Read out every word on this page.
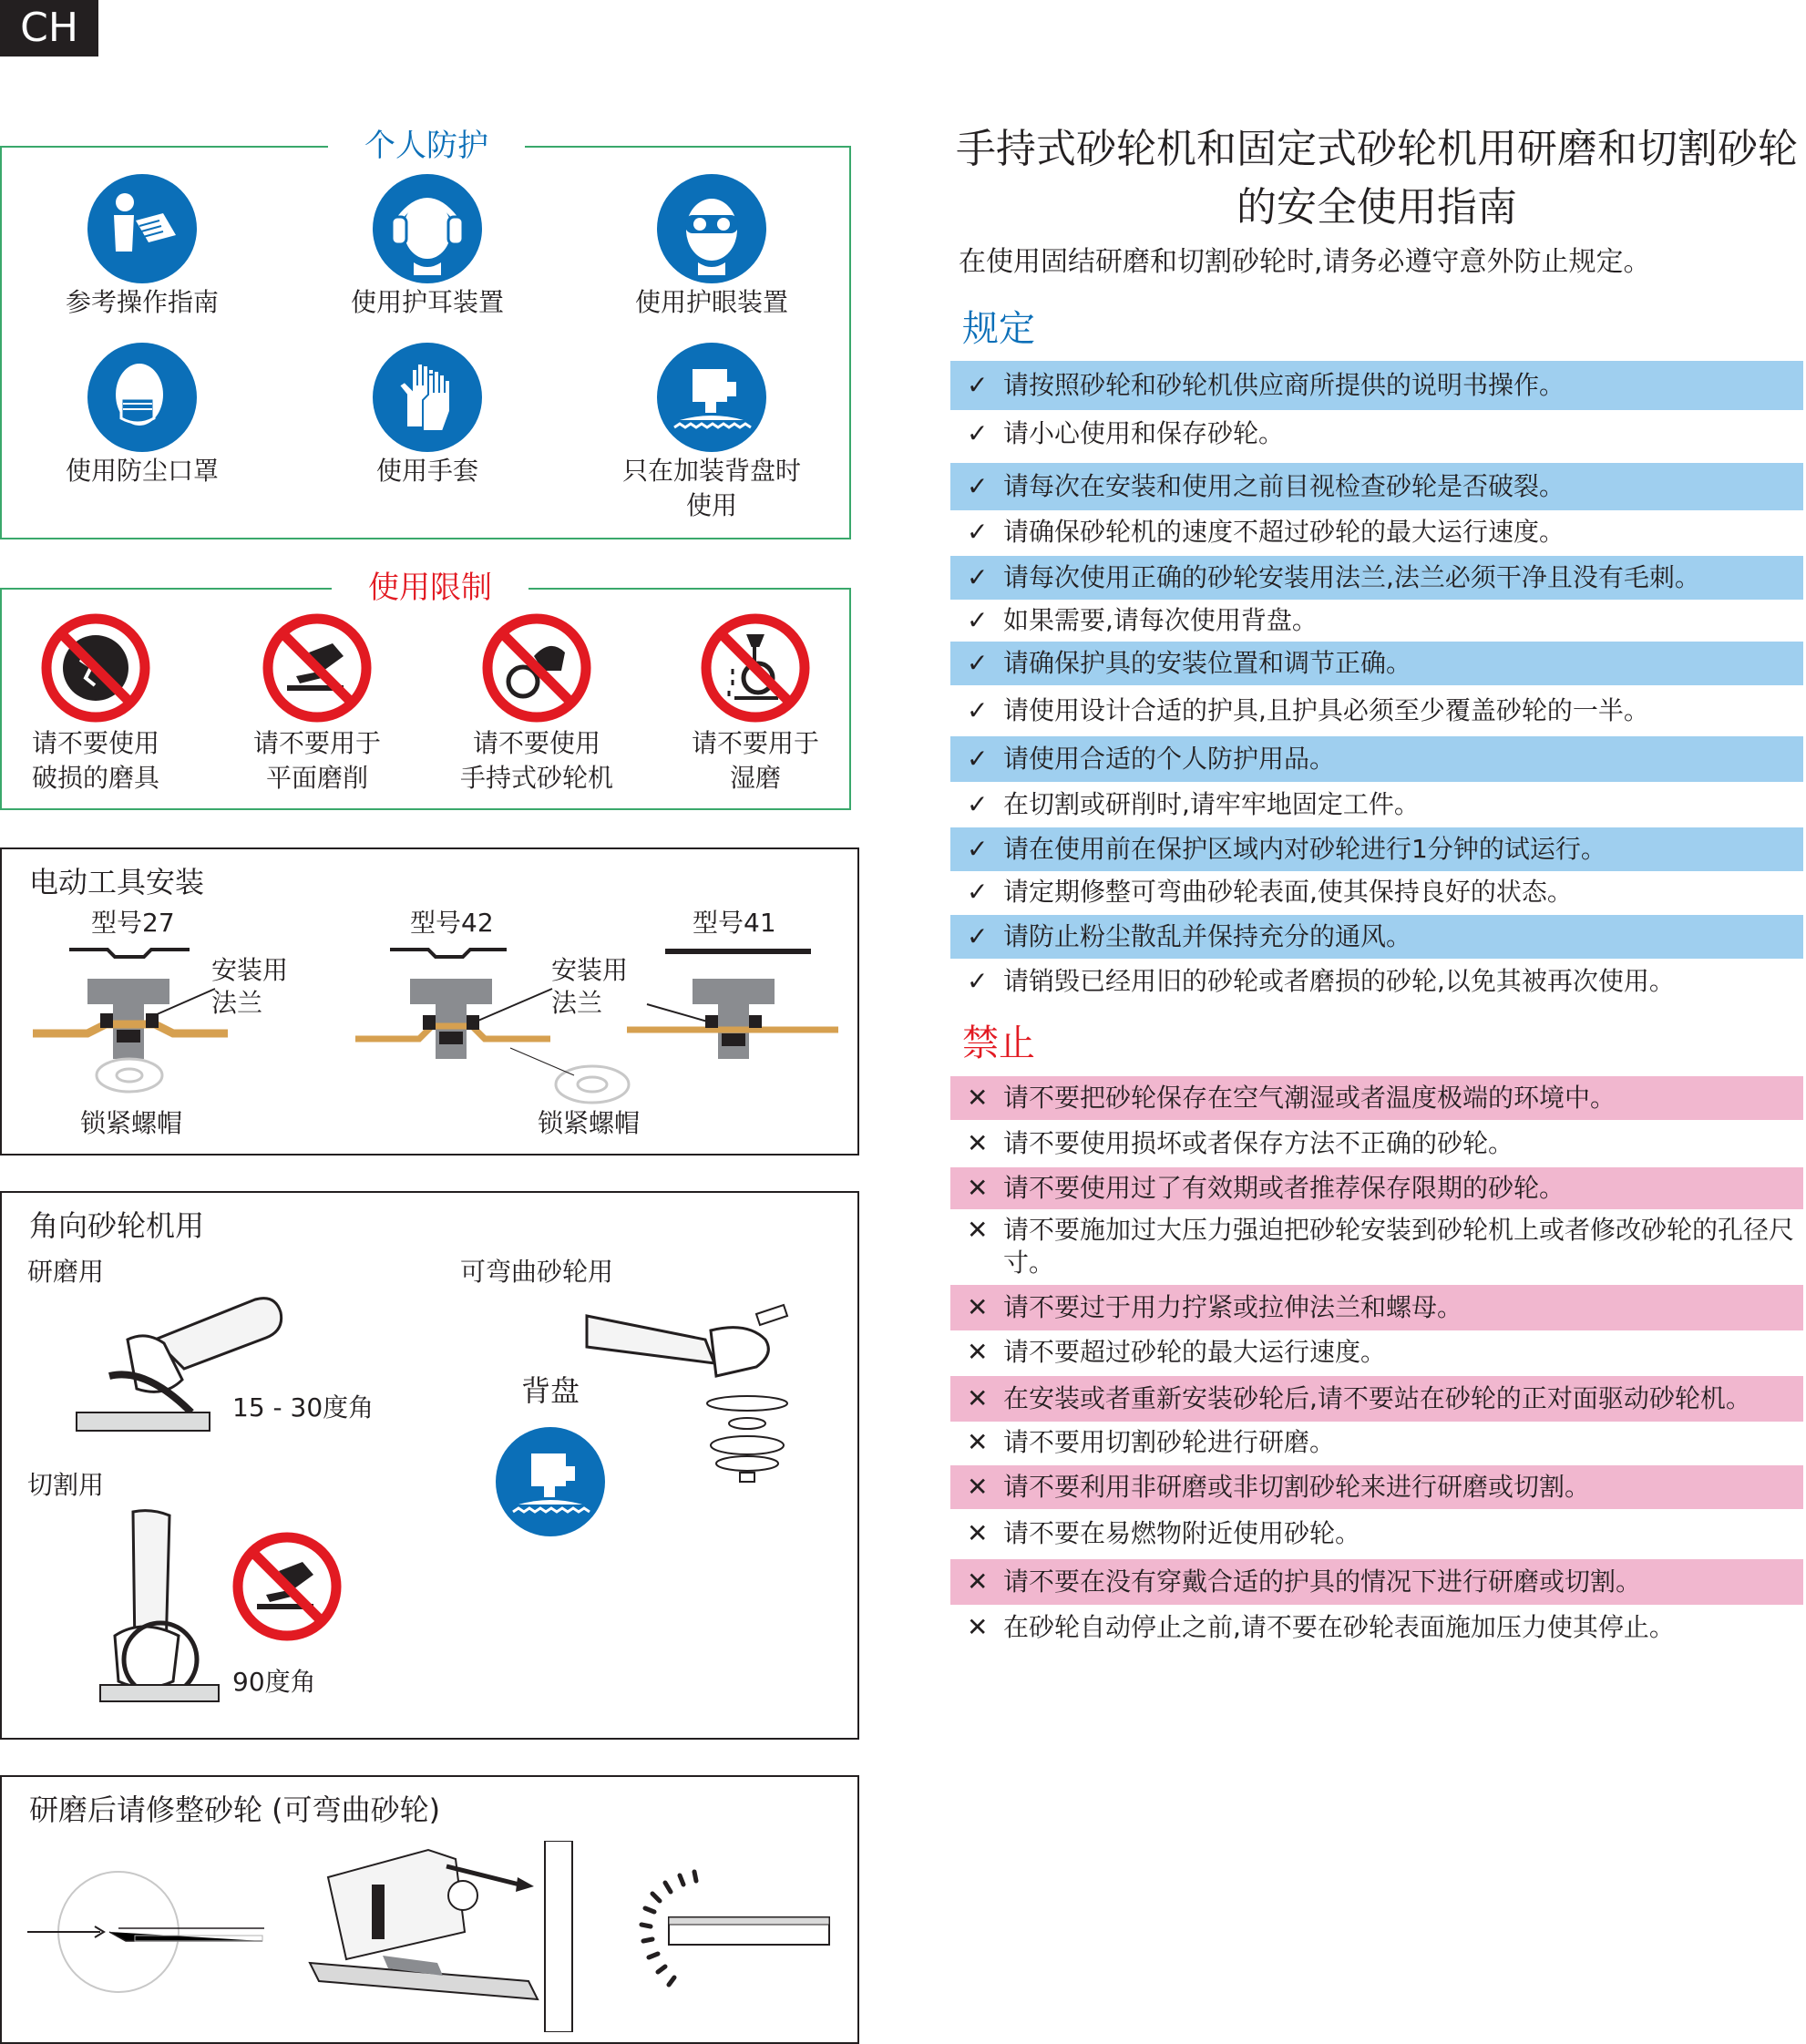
CH
个人防护
参考操作指南	使用护耳装置	使用护眼装置
使用防尘口罩	使用手套	只在加装背盘时
使用
使用限制
请不要使用
破损的磨具
请不要用于
平面磨削
请不要使用
手持式砂轮机
请不要用于
湿磨
电动工具安装
型号27	型号42	型号41
安装用
法兰
安装用
法兰
锁紧螺帽	锁紧螺帽
角向砂轮机用
研磨用	可弯曲砂轮用
15 - 30度角	背盘
切割用
90度角
研磨后请修整砂轮 (可弯曲砂轮)
手持式砂轮机和固定式砂轮机用研磨和切割砂轮
的安全使用指南
在使用固结研磨和切割砂轮时,请务必遵守意外防止规定。
规定
✓ 请按照砂轮和砂轮机供应商所提供的说明书操作。
✓ 请小心使用和保存砂轮。
✓ 请每次在安装和使用之前目视检查砂轮是否破裂。
✓ 请确保砂轮机的速度不超过砂轮的最大运行速度。
✓ 请每次使用正确的砂轮安装用法兰,法兰必须干净且没有毛刺。
✓ 如果需要,请每次使用背盘。
✓ 请确保护具的安装位置和调节正确。
✓ 请使用设计合适的护具,且护具必须至少覆盖砂轮的一半。
✓ 请使用合适的个人防护用品。
✓ 在切割或研削时,请牢牢地固定工件。
✓ 请在使用前在保护区域内对砂轮进行1分钟的试运行。
✓ 请定期修整可弯曲砂轮表面,使其保持良好的状态。
✓ 请防止粉尘散乱并保持充分的通风。
✓ 请销毁已经用旧的砂轮或者磨损的砂轮,以免其被再次使用。
禁止
✕ 请不要把砂轮保存在空气潮湿或者温度极端的环境中。
✕ 请不要使用损坏或者保存方法不正确的砂轮。
✕ 请不要使用过了有效期或者推荐保存限期的砂轮。
✕ 请不要施加过大压力强迫把砂轮安装到砂轮机上或者修改砂轮的孔径尺寸。
✕ 请不要过于用力拧紧或拉伸法兰和螺母。
✕ 请不要超过砂轮的最大运行速度。
✕ 在安装或者重新安装砂轮后,请不要站在砂轮的正对面驱动砂轮机。
✕ 请不要用切割砂轮进行研磨。
✕ 请不要利用非研磨或非切割砂轮来进行研磨或切割。
✕ 请不要在易燃物附近使用砂轮。
✕ 请不要在没有穿戴合适的护具的情况下进行研磨或切割。
✕ 在砂轮自动停止之前,请不要在砂轮表面施加压力使其停止。
